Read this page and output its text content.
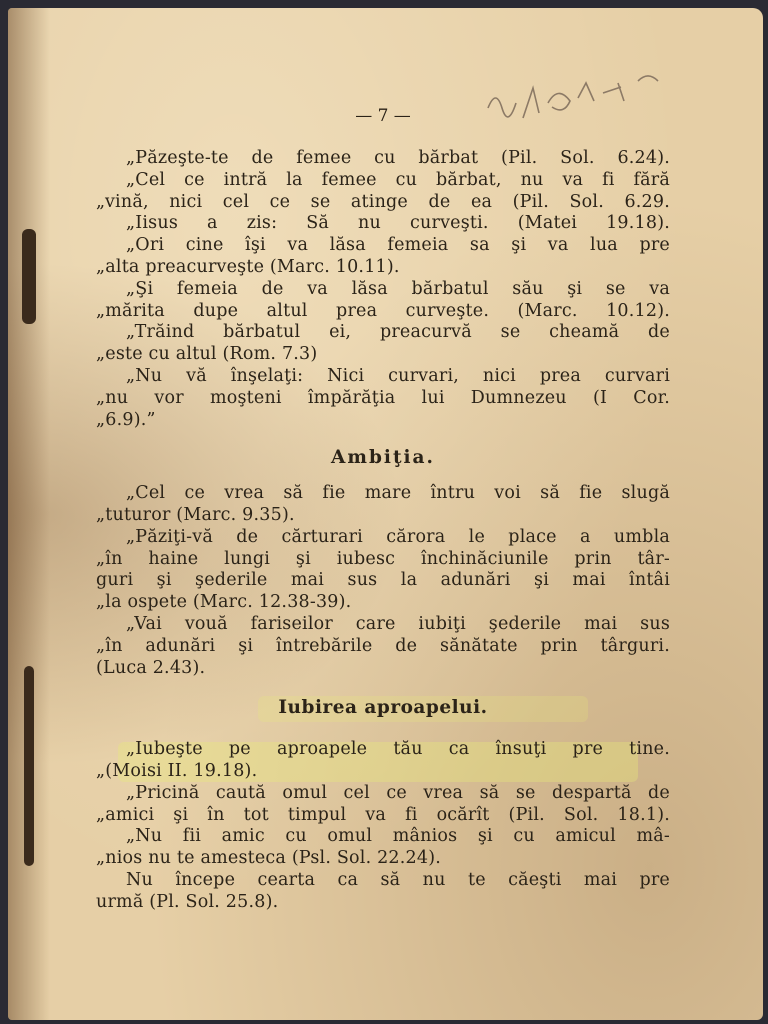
— 7 —
„Păzeşte-te de femee cu bărbat (Pil. Sol. 6.24).
„Cel ce intră la femee cu bărbat, nu va fi fără
„vină, nici cel ce se atinge de ea (Pil. Sol. 6.29.
„Iisus a zis: Să nu curveşti. (Matei 19.18).
„Ori cine îşi va lăsa femeia sa şi va lua pre
„alta preacurveşte (Marc. 10.11).
„Şi femeia de va lăsa bărbatul său şi se va
„mărita dupe altul prea curveşte. (Marc. 10.12).
„Trăind bărbatul ei, preacurvă se cheamă de
„este cu altul (Rom. 7.3)
„Nu vă înşelaţi: Nici curvari, nici prea curvari
„nu vor moşteni împărăţia lui Dumnezeu (I Cor.
„6.9).”
Ambiţia.
„Cel ce vrea să fie mare întru voi să fie slugă
„tuturor (Marc. 9.35).
„Păziţi-vă de cărturari cărora le place a umbla
„în haine lungi şi iubesc închinăciunile prin târ-
guri şi şederile mai sus la adunări şi mai întâi
„la ospete (Marc. 12.38-39).
„Vai vouă fariseilor care iubiţi şederile mai sus
„în adunări şi întrebările de sănătate prin târguri.
(Luca 2.43).
Iubirea aproapelui.
„Iubeşte pe aproapele tău ca însuţi pre tine.
„(Moisi II. 19.18).
„Pricină caută omul cel ce vrea să se despartă de
„amici şi în tot timpul va fi ocărît (Pil. Sol. 18.1).
„Nu fii amic cu omul mânios şi cu amicul mâ-
„nios nu te amesteca (Psl. Sol. 22.24).
Nu începe cearta ca să nu te căeşti mai pre
urmă (Pl. Sol. 25.8).
